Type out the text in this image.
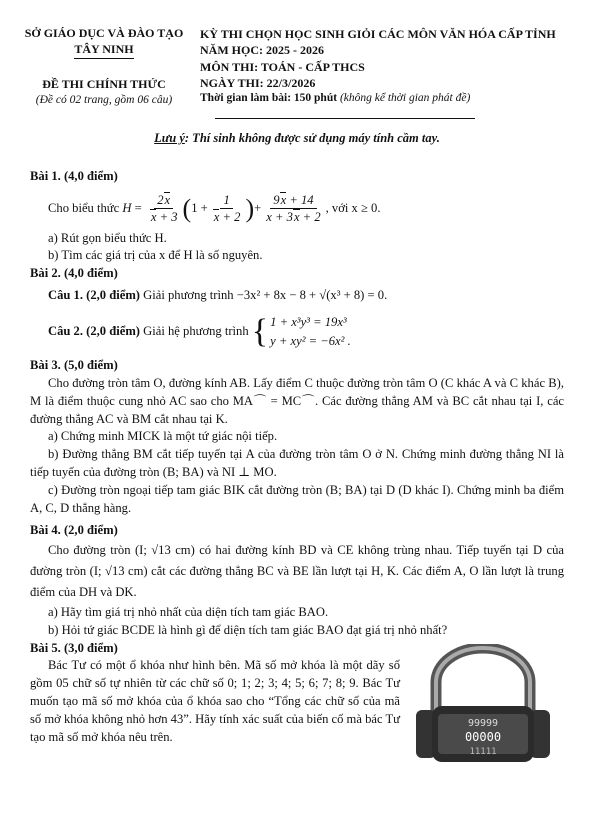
SỞ GIÁO DỤC VÀ ĐÀO TẠO
TÂY NINH
ĐỀ THI CHÍNH THỨC
(Đề có 02 trang, gồm 06 câu)
KỲ THI CHỌN HỌC SINH GIỎI CÁC MÔN VĂN HÓA CẤP TỈNH
NĂM HỌC: 2025 - 2026
MÔN THI: TOÁN - CẤP THCS
NGÀY THI: 22/3/2026
Thời gian làm bài: 150 phút (không kể thời gian phát đề)
Lưu ý: Thí sinh không được sử dụng máy tính cầm tay.

Bài 1. (4,0 điểm)

Cho biểu thức
$H = \frac{2x}{x + 3}$ ( $1 + \frac{1}{x + 2}$ ) + $\frac{9x + 14}{x + 3x + 2}$ , với x ≥ 0.

a) Rút gọn biểu thức H.

b) Tìm các giá trị của x để H là số nguyên.

Bài 2. (4,0 điểm)

Câu 1. (2,0 điểm) Giải phương trình −3x² + 8x − 8 + √(x³ + 8) = 0.

Câu 2. (2,0 điểm)
Giải hệ phương trình
{ 1 + x³y³ = 19x³
y + xy² = −6x² .

Bài 3. (5,0 điểm)

Cho đường tròn tâm O, đường kính AB. Lấy điểm C thuộc đường tròn tâm O (C khác A và C khác B), M là điểm thuộc cung nhỏ AC sao cho MA⌒ = MC⌒. Các đường thẳng AM và BC cắt nhau tại I, các đường thẳng AC và BM cắt nhau tại K.

a) Chứng minh MICK là một tứ giác nội tiếp.

b) Đường thẳng BM cắt tiếp tuyến tại A của đường tròn tâm O ở N. Chứng minh đường thẳng NI là tiếp tuyến của đường tròn (B; BA) và NI ⊥ MO.

c) Đường tròn ngoại tiếp tam giác BIK cắt đường tròn (B; BA) tại D (D khác I). Chứng minh ba điểm A, C, D thẳng hàng.

Bài 4. (2,0 điểm)

Cho đường tròn (I; √13 cm) có hai đường kính BD và CE không trùng nhau. Tiếp tuyến tại D của đường tròn (I; √13 cm) cắt các đường thẳng BC và BE lần lượt tại H, K. Các điểm A, O lần lượt là trung điểm của DH và DK.

a) Hãy tìm giá trị nhỏ nhất của diện tích tam giác BAO.

b) Hỏi tứ giác BCDE là hình gì để diện tích tam giác BAO đạt giá trị nhỏ nhất?

Bài 5. (3,0 điểm)

Bác Tư có một ổ khóa như hình bên. Mã số mở khóa là một dãy số gồm 05 chữ số tự nhiên từ các chữ số 0; 1; 2; 3; 4; 5; 6; 7; 8; 9. Bác Tư muốn tạo mã số mở khóa của ổ khóa sao cho “Tổng các chữ số của mã số mở khóa không nhỏ hơn 43”. Hãy tính xác suất của biến cố mà bác Tư tạo mã số mở khóa nêu trên.

99999
00000
11111
